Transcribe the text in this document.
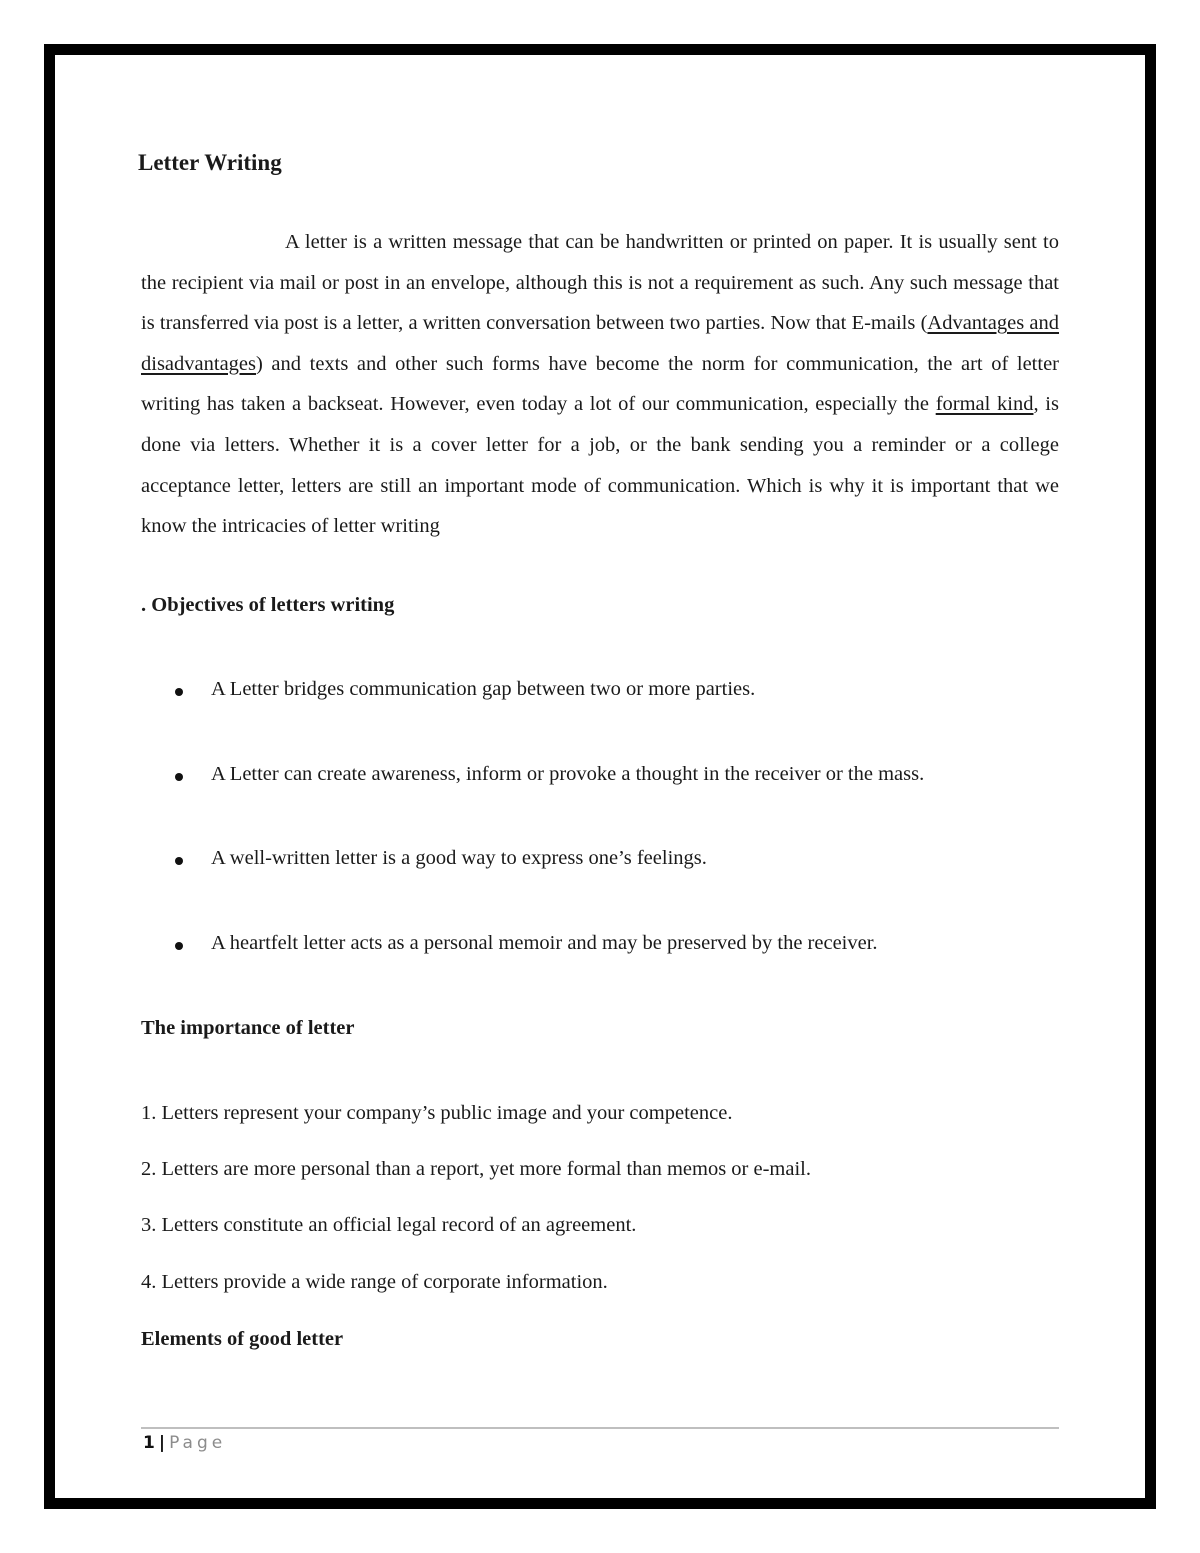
Letter Writing

A letter is a written message that can be handwritten or printed on paper. It is usually sent to the recipient via mail or post in an envelope, although this is not a requirement as such. Any such message that is transferred via post is a letter, a written conversation between two parties. Now that E-mails (Advantages and disadvantages) and texts and other such forms have become the norm for communication, the art of letter writing has taken a backseat. However, even today a lot of our communication, especially the formal kind, is done via letters. Whether it is a cover letter for a job, or the bank sending you a reminder or a college acceptance letter, letters are still an important mode of communication. Which is why it is important that we know the intricacies of letter writing

. Objectives of letters writing
A Letter bridges communication gap between two or more parties.
A Letter can create awareness, inform or provoke a thought in the receiver or the mass.
A well-written letter is a good way to express one’s feelings.
A heartfelt letter acts as a personal memoir and may be preserved by the receiver.
The importance of letter

1. Letters represent your company’s public image and your competence.

2. Letters are more personal than a report, yet more formal than memos or e-mail.

3. Letters constitute an official legal record of an agreement.

4. Letters provide a wide range of corporate information.

Elements of good letter
1 | Page
